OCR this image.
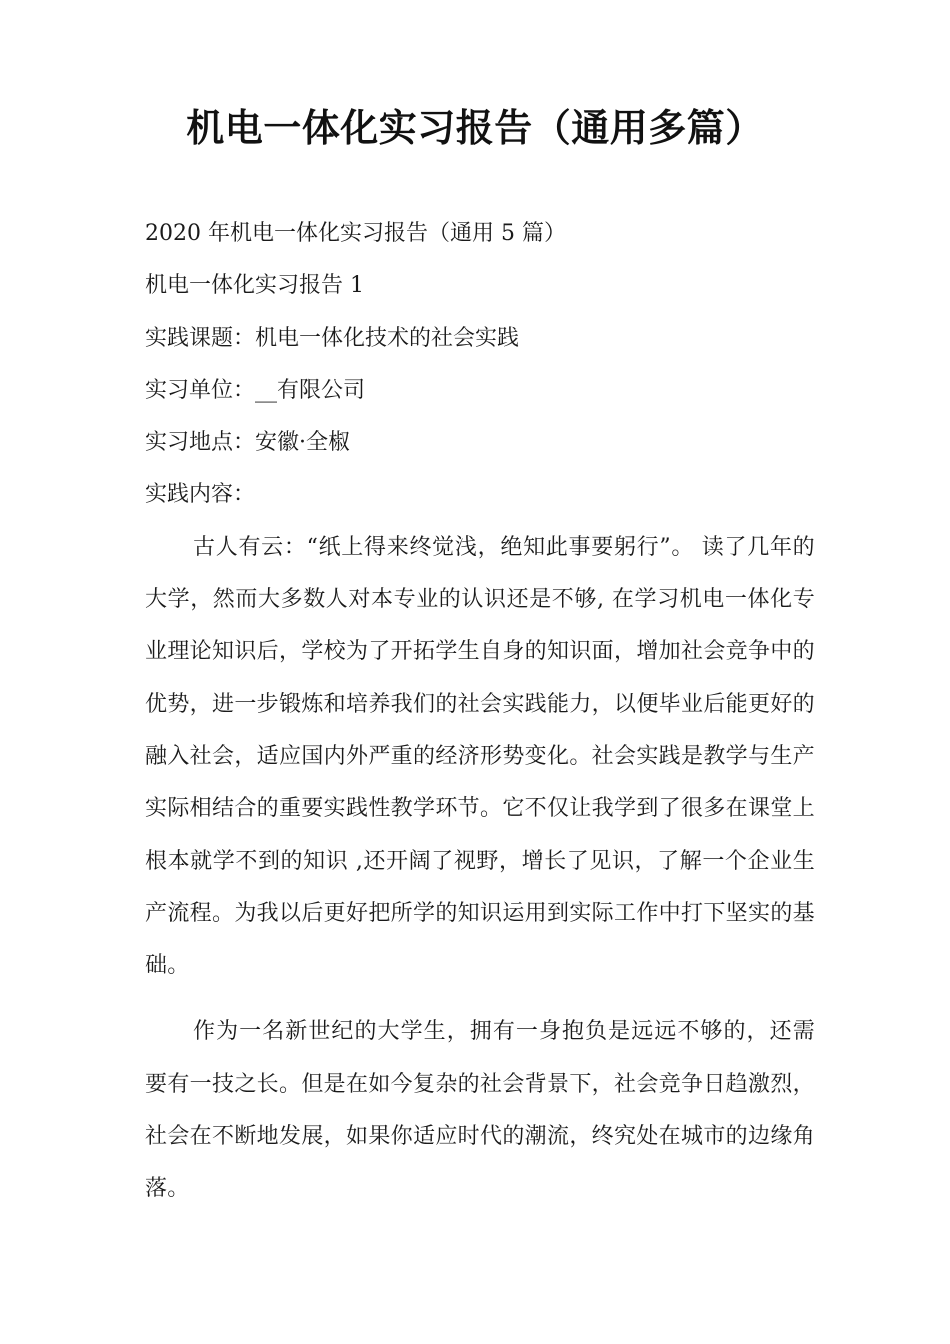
机电一体化实习报告（通用多篇）

2020 年机电一体化实习报告（通用 5 篇）

机电一体化实习报告 1

实践课题：机电一体化技术的社会实践

实习单位：__有限公司

实习地点：安徽·全椒

实践内容：

古人有云：“纸上得来终觉浅，绝知此事要躬行”。 读了几年的大学，然而大多数人对本专业的认识还是不够, 在学习机电一体化专业理论知识后，学校为了开拓学生自身的知识面，增加社会竞争中的优势，进一步锻炼和培养我们的社会实践能力，以便毕业后能更好的融入社会，适应国内外严重的经济形势变化。社会实践是教学与生产实际相结合的重要实践性教学环节。它不仅让我学到了很多在课堂上根本就学不到的知识 ,还开阔了视野，增长了见识，了解一个企业生产流程。为我以后更好把所学的知识运用到实际工作中打下坚实的基础。

作为一名新世纪的大学生，拥有一身抱负是远远不够的，还需要有一技之长。但是在如今复杂的社会背景下，社会竞争日趋激烈，社会在不断地发展，如果你适应时代的潮流，终究处在城市的边缘角落。
